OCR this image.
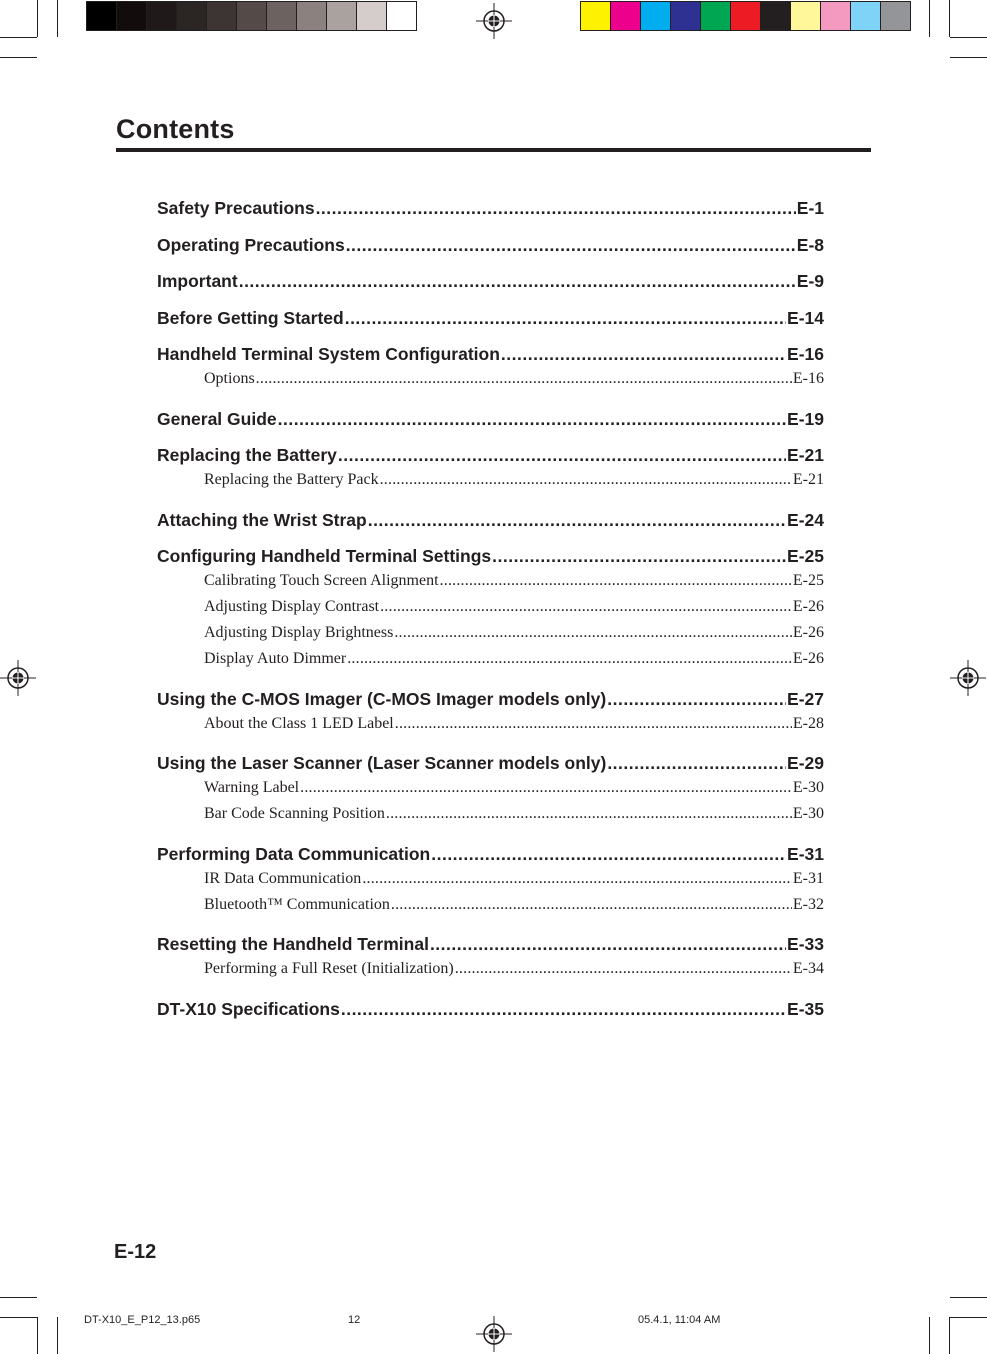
Contents
Safety Precautions .....	E-1
Operating Precautions .....	E-8
Important .....	E-9
Before Getting Started .....	E-14
Handheld Terminal System Configuration .....	E-16
Options .....	E-16
General Guide .....	E-19
Replacing the Battery .....	E-21
Replacing the Battery Pack .....	E-21
Attaching the Wrist Strap .....	E-24
Configuring Handheld Terminal Settings .....	E-25
Calibrating Touch Screen Alignment .....	E-25
Adjusting Display Contrast .....	E-26
Adjusting Display Brightness .....	E-26
Display Auto Dimmer .....	E-26
Using the C-MOS Imager (C-MOS Imager models only) .....	E-27
About the Class 1 LED Label .....	E-28
Using the Laser Scanner (Laser Scanner models only) .....	E-29
Warning Label .....	E-30
Bar Code Scanning Position .....	E-30
Performing Data Communication .....	E-31
IR Data Communication .....	E-31
Bluetooth™ Communication .....	E-32
Resetting the Handheld Terminal .....	E-33
Performing a Full Reset (Initialization) .....	E-34
DT-X10 Specifications .....	E-35
E-12
DT-X10_E_P12_13.p65	12	05.4.1, 11:04 AM
